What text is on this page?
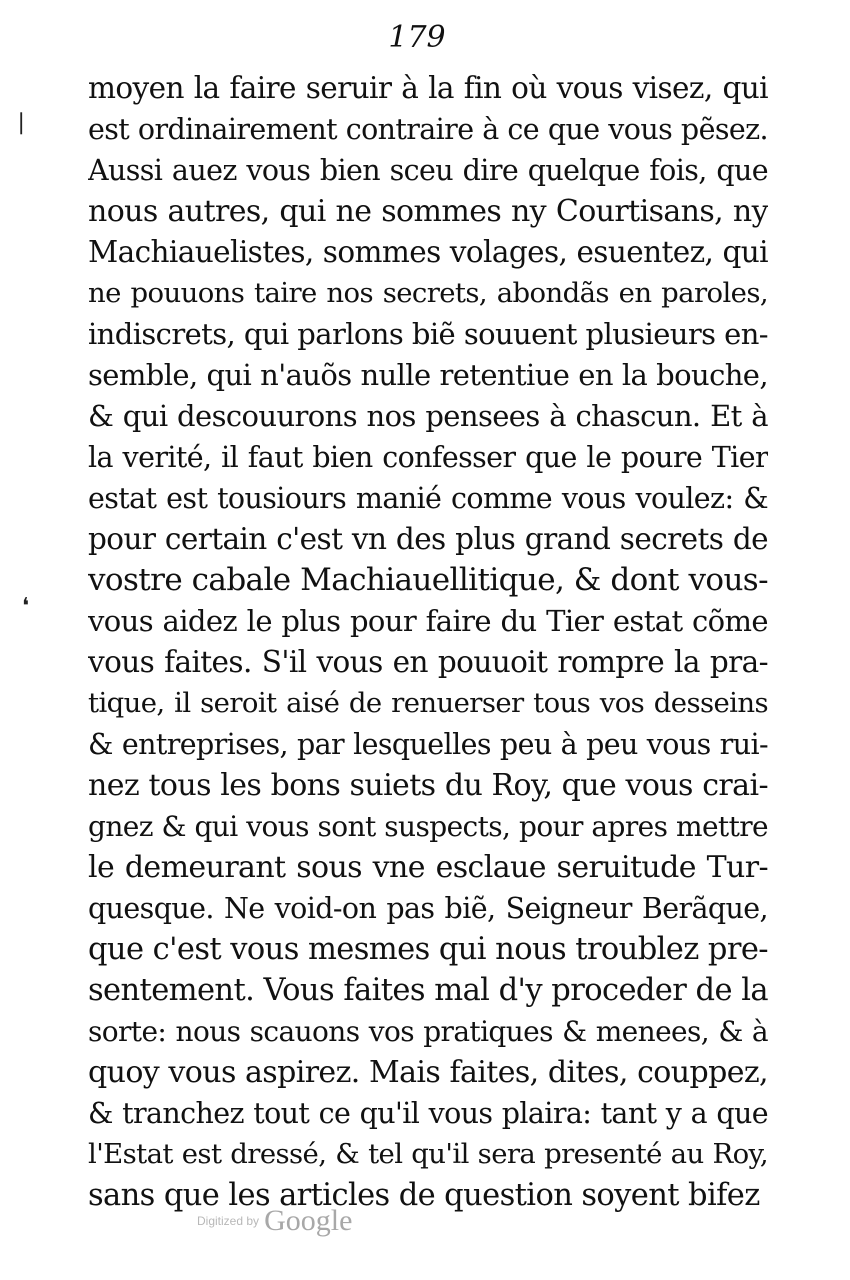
179
❘
❛
moyen la faire seruir à la fin où vous visez, qui
est ordinairement contraire à ce que vous pẽsez.
Aussi auez vous bien sceu dire quelque fois, que
nous autres, qui ne sommes ny Courtisans, ny
Machiauelistes, sommes volages, esuentez, qui
ne pouuons taire nos secrets, abondãs en paroles,
indiscrets, qui parlons biẽ souuent plusieurs en-
semble, qui n'auõs nulle retentiue en la bouche,
& qui descouurons nos pensees à chascun. Et à
la verité, il faut bien confesser que le poure Tier
estat est tousiours manié comme vous voulez: &
pour certain c'est vn des plus grand secrets de
vostre cabale Machiauellitique, & dont vous-
vous aidez le plus pour faire du Tier estat cõme
vous faites. S'il vous en pouuoit rompre la pra-
tique, il seroit aisé de renuerser tous vos desseins
& entreprises, par lesquelles peu à peu vous rui-
nez tous les bons suiets du Roy, que vous crai-
gnez & qui vous sont suspects, pour apres mettre
le demeurant sous vne esclaue seruitude Tur-
quesque. Ne void-on pas biẽ, Seigneur Berãque,
que c'est vous mesmes qui nous troublez pre-
sentement. Vous faites mal d'y proceder de la
sorte: nous scauons vos pratiques & menees, & à
quoy vous aspirez. Mais faites, dites, couppez,
& tranchez tout ce qu'il vous plaira: tant y a que
l'Estat est dressé, & tel qu'il sera presenté au Roy,
sans que les articles de question soyent bifez
Digitized by Google
